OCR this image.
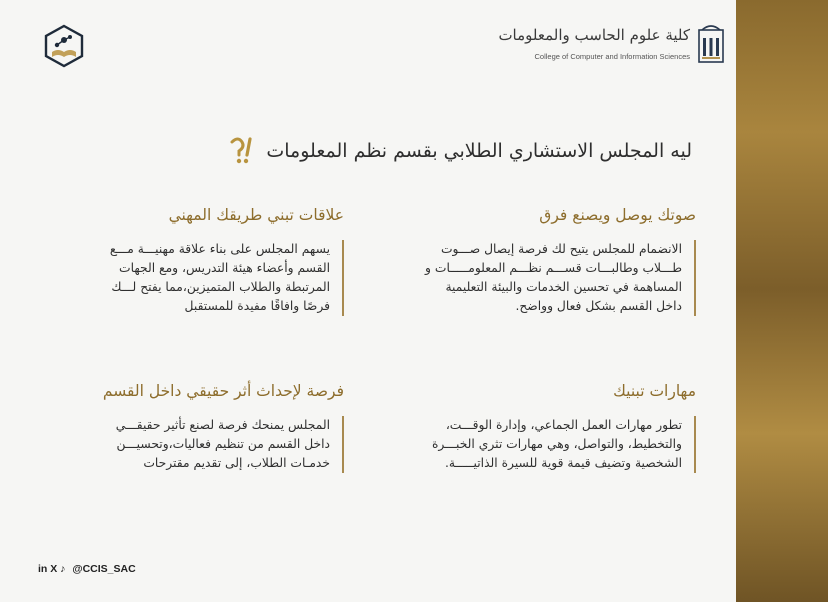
كلية علوم الحاسب والمعلومات
College of Computer and Information Sciences
ليه المجلس الاستشاري الطلابي بقسم نظم المعلومات
صوتك يوصل ويصنع فرق
الانضمام للمجلس يتيح لك فرصة إيصال صـــوت
طـــلاب وطالبـــات قســـم نظـــم المعلومـــــات و
المساهمة في تحسين الخدمات والبيئة التعليمية
داخل القسم بشكل فعال وواضح.
علاقات تبني طريقك المهني
يسهم المجلس على بناء علاقة مهنيـــة مـــع
القسم وأعضاء هيئة التدريس، ومع الجهات
المرتبطة والطلاب المتميزين،مما يفتح لـــك
فرصًا وافاقًا مفيدة للمستقبل
مهارات تبنيك
تطور مهارات العمل الجماعي، وإدارة الوقـــت،
والتخطيط، والتواصل، وهي مهارات تثري الخبـــرة
الشخصية وتضيف قيمة قوية للسيرة الذاتيـــــة.
فرصة لإحداث أثر حقيقي داخل القسم
المجلس يمنحك فرصة لصنع تأثير حقيقـــي
داخل القسم من تنظيم فعاليات،وتحسيـــن
خدمـات الطلاب، إلى تقديم مقترحات
in X ♪ @CCIS_SAC
